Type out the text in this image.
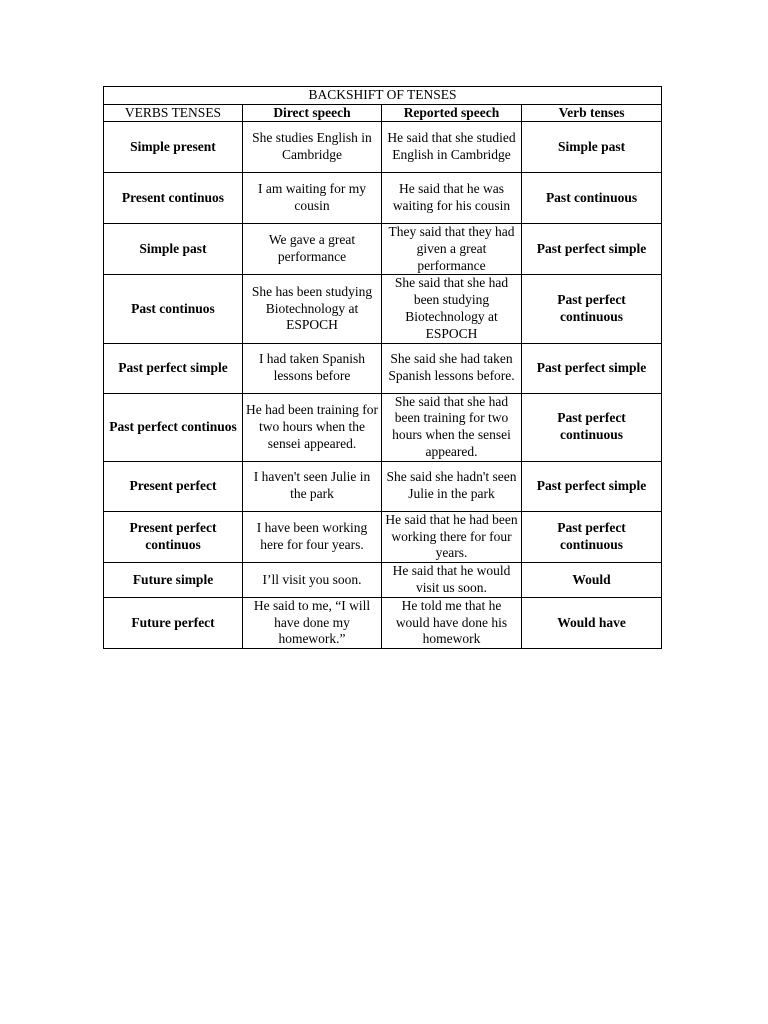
BACKSHIFT OF TENSES			
VERBS TENSES	Direct speech	Reported speech	Verb tenses
Simple present	She studies English in Cambridge	He said that she studied English in Cambridge	Simple past
Present continuos	I am waiting for my cousin	He said that he was waiting for his cousin	Past continuous
Simple past	We gave a great performance	They said that they had given a great performance	Past perfect simple
Past continuos	She has been studying Biotechnology at ESPOCH	She said that she had been studying Biotechnology at ESPOCH	Past perfect continuous
Past perfect simple	I had taken Spanish lessons before	She said she had taken Spanish lessons before.	Past perfect simple
Past perfect continuos	He had been training for two hours when the sensei appeared.	She said that she had been training for two hours when the sensei appeared.	Past perfect continuous
Present perfect	I haven't seen Julie in the park	She said she hadn't seen Julie in the park	Past perfect simple
Present perfect continuos	I have been working here for four years.	He said that he had been working there for four years.	Past perfect continuous
Future simple	I’ll visit you soon.	He said that he would visit us soon.	Would
Future perfect	He said to me, “I will have done my homework.”	He told me that he would have done his homework	Would have
